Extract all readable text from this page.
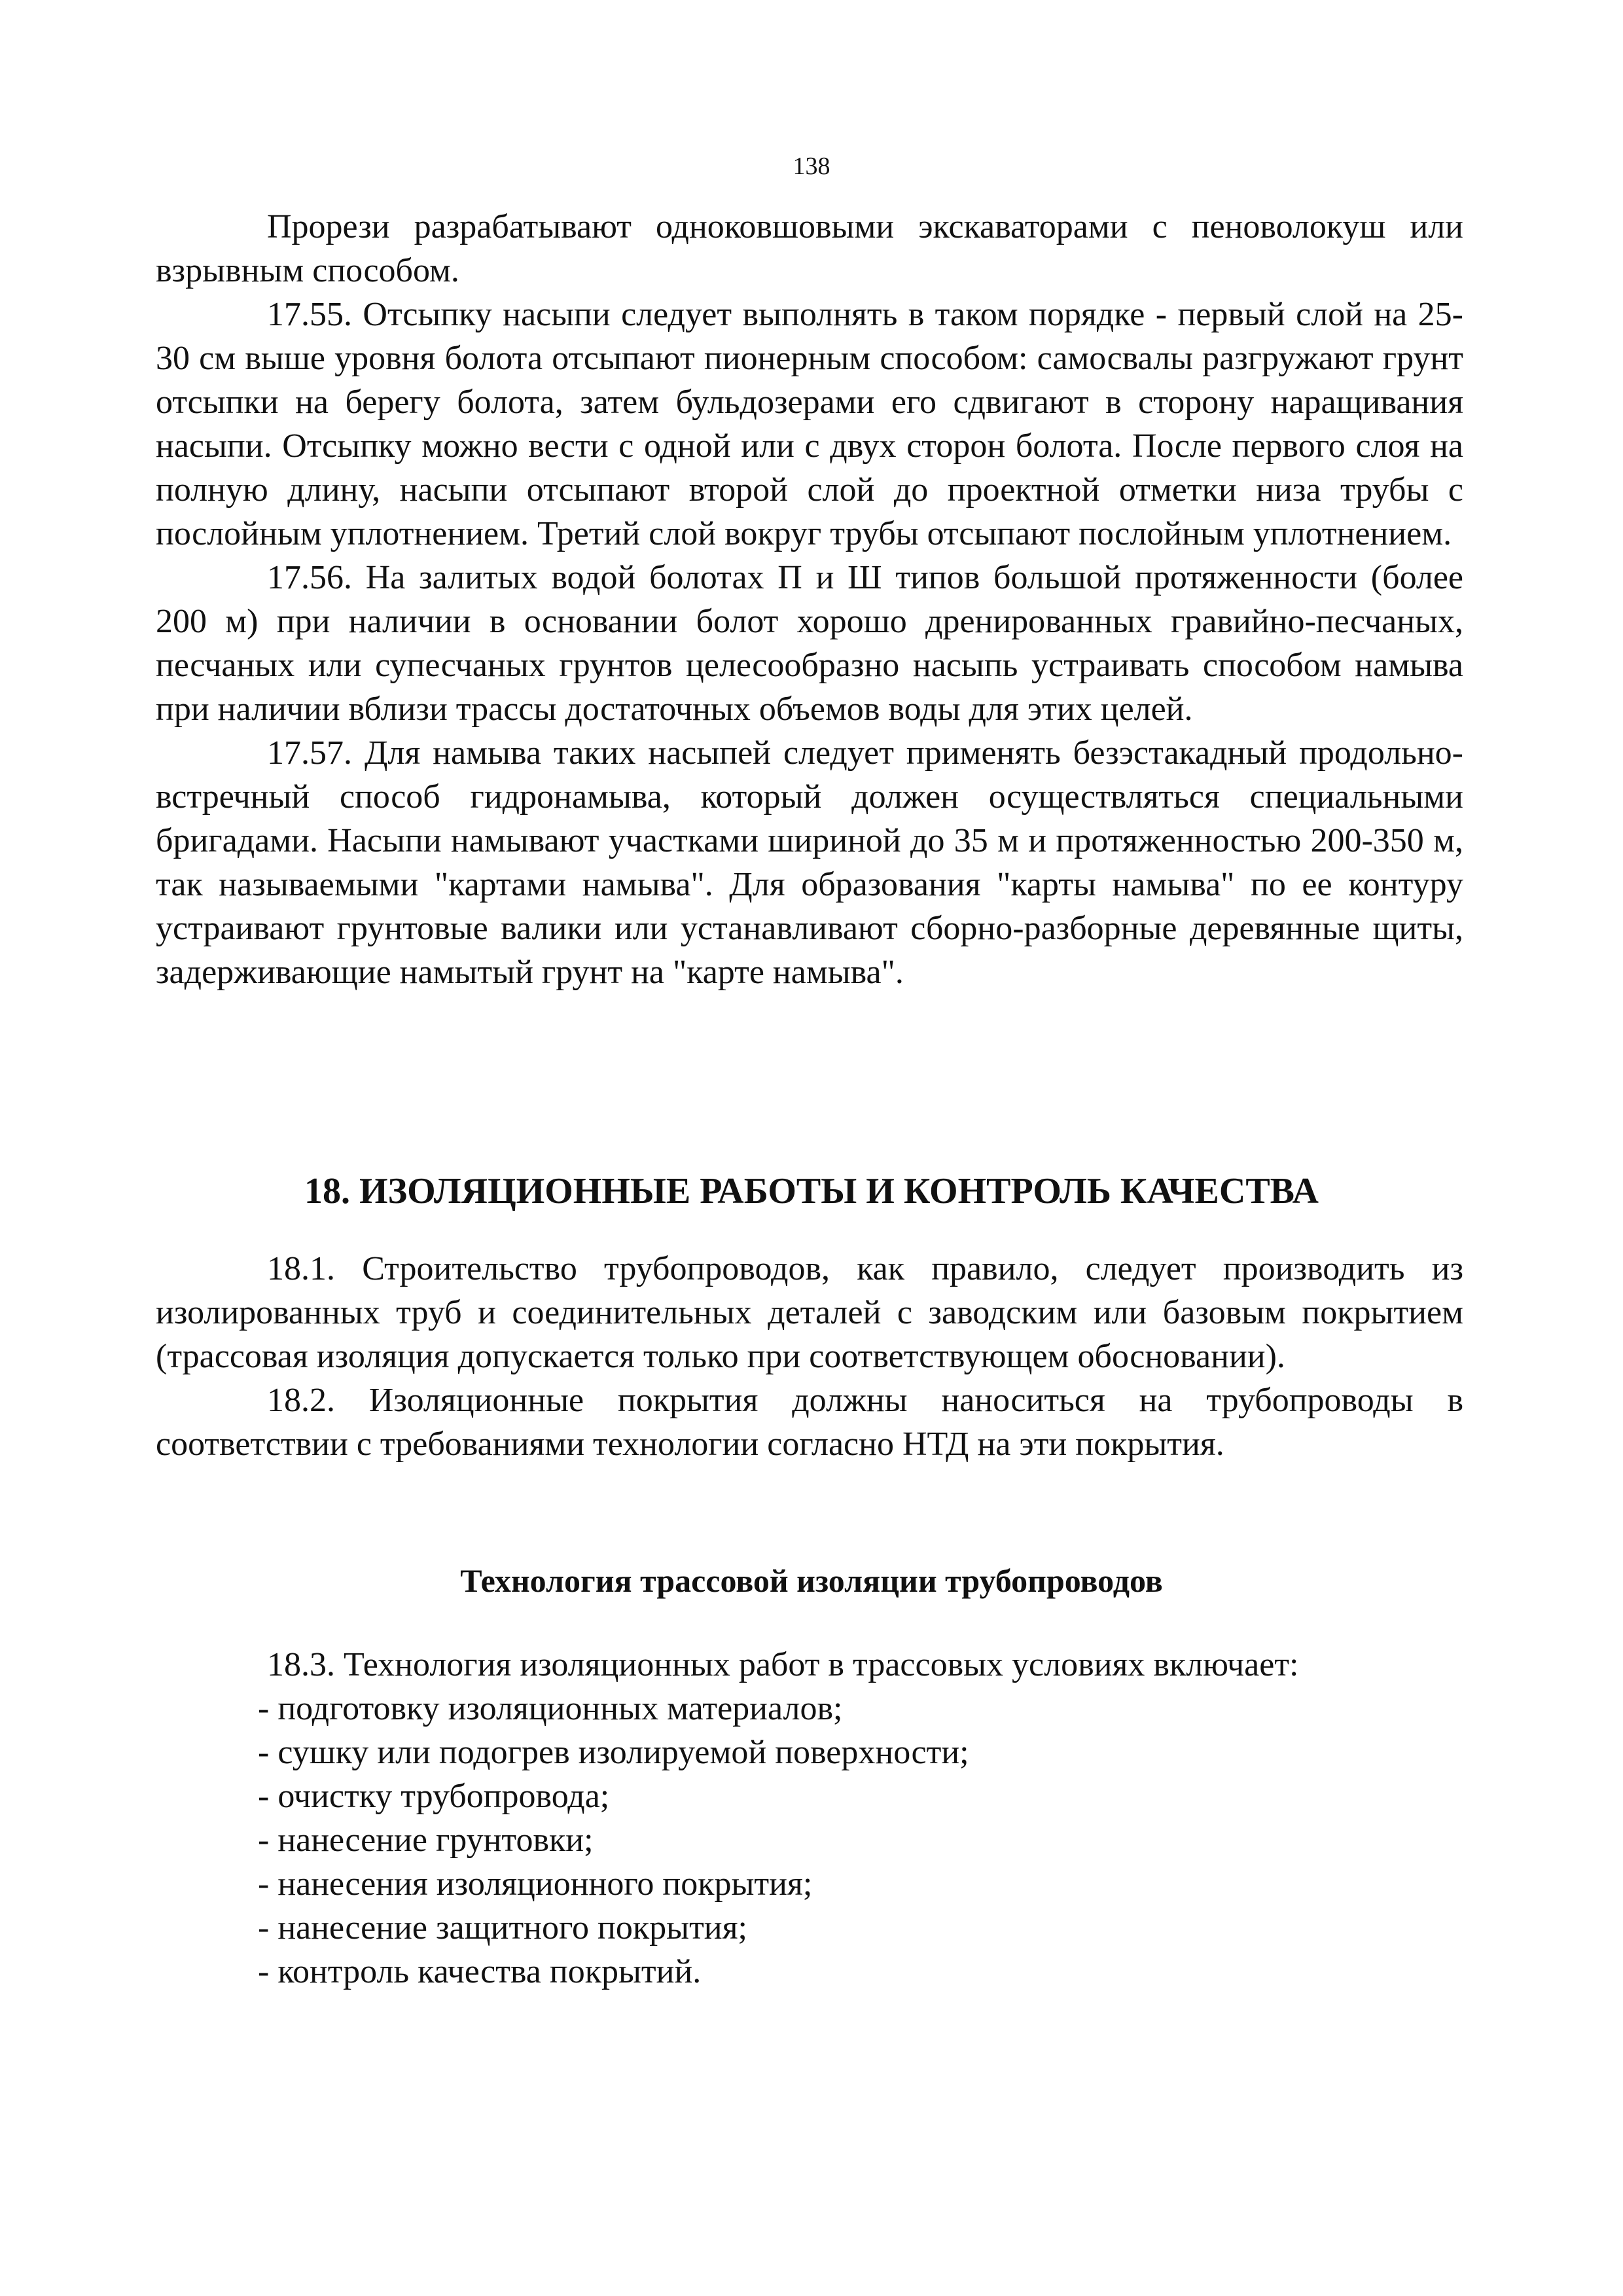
138

Прорези разрабатывают одноковшовыми экскаваторами с пеноволокуш или взрывным способом.

17.55. Отсыпку насыпи следует выполнять в таком порядке - первый слой на 25-30 см выше уровня болота отсыпают пионерным способом: самосвалы разгружают грунт отсыпки на берегу болота, затем бульдозерами его сдвигают в сторону наращивания насыпи. Отсыпку можно вести с одной или с двух сторон болота. После первого слоя на полную длину, насыпи отсыпают второй слой до проектной отметки низа трубы с послойным уплотнением. Третий слой вокруг трубы отсыпают послойным уплотнением.

17.56. На залитых водой болотах П и Ш типов большой протяженности (более 200 м) при наличии в основании болот хорошо дренированных гравийно-песчаных, песчаных или супесчаных грунтов целесообразно насыпь устраивать способом намыва при наличии вблизи трассы достаточных объемов воды для этих целей.

17.57. Для намыва таких насыпей следует применять безэстакадный продольно-встречный способ гидронамыва, который должен осуществляться специальными бригадами. Насыпи намывают участками шириной до 35 м и протяженностью 200-350 м, так называемыми "картами намыва". Для образования "карты намыва" по ее контуру устраивают грунтовые валики или устанавливают сборно-разборные деревянные щиты, задерживающие намытый грунт на "карте намыва".

18. ИЗОЛЯЦИОННЫЕ РАБОТЫ И КОНТРОЛЬ КАЧЕСТВА

18.1. Строительство трубопроводов, как правило, следует производить из изолированных труб и соединительных деталей с заводским или базовым покрытием (трассовая изоляция допускается только при соответствующем обосновании).

18.2. Изоляционные покрытия должны наноситься на трубопроводы в соответствии с требованиями технологии согласно НТД на эти покрытия.

Технология трассовой изоляции трубопроводов

18.3. Технология изоляционных работ в трассовых условиях включает:

- подготовку изоляционных материалов;
- сушку или подогрев изолируемой поверхности;
- очистку трубопровода;
- нанесение грунтовки;
- нанесения изоляционного покрытия;
- нанесение защитного покрытия;
- контроль качества покрытий.
